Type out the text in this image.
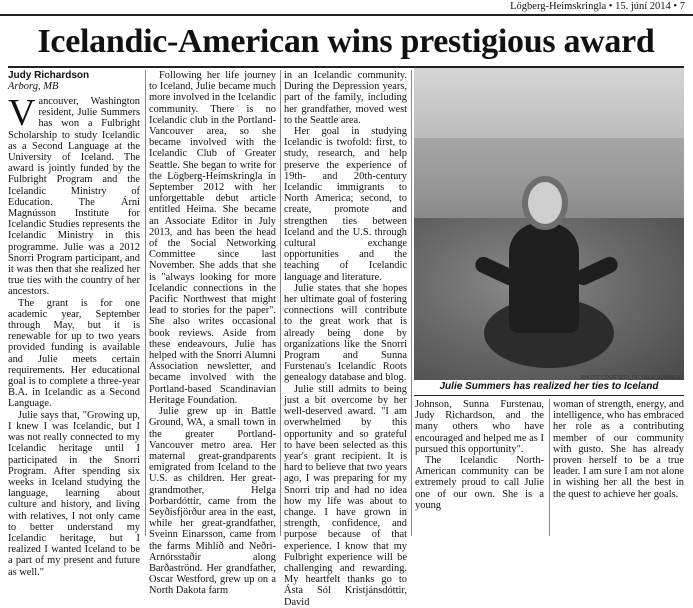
Lögberg-Heimskringla • 15. júní 2014 • 7
Icelandic-American wins prestigious award
Judy Richardson
Arborg, MB

Vancouver, Washington resident, Julie Summers has won a Fulbright Scholarship to study Icelandic as a Second Language at the University of Iceland. The award is jointly funded by the Fulbright Program and the Icelandic Ministry of Education. The Árni Magnússon Institute for Icelandic Studies represents the Icelandic Ministry in this programme. Julie was a 2012 Snorri Program participant, and it was then that she realized her true ties with the country of her ancestors.

The grant is for one academic year, September through May, but it is renewable for up to two years provided funding is available and Julie meets certain requirements. Her educational goal is to complete a three-year B.A. in Icelandic as a Second Language.

Julie says that, "Growing up, I knew I was Icelandic, but I was not really connected to my Icelandic heritage until I participated in the Snorri Program. After spending six weeks in Iceland studying the language, learning about culture and history, and living with relatives, I not only came to better understand my Icelandic heritage, but I realized I wanted Iceland to be a part of my present and future as well."

Following her life journey to Iceland, Julie became much more involved in the Icelandic community. There is no Icelandic club in the Portland-Vancouver area, so she became involved with the Icelandic Club of Greater Seattle. She began to write for the Lögberg-Heimskringla in September 2012 with her unforgettable debut article entitled Heima. She became an Associate Editor in July 2013, and has been the head of the Social Networking Committee since last November. She adds that she is "always looking for more Icelandic connections in the Pacific Northwest that might lead to stories for the paper". She also writes occasional book reviews. Aside from these endeavours, Julie has helped with the Snorri Alumni Association newsletter, and became involved with the Portland-based Scandinavian Heritage Foundation.

Julie grew up in Battle Ground, WA, a small town in the greater Portland-Vancouver metro area. Her maternal great-grandparents emigrated from Iceland to the U.S. as children. Her great-grandmother, Helga Þorbardóttir, came from the Seyðisfjörður area in the east, while her great-grandfather, Sveinn Einarsson, came from the farms Mihlíð and Neðri-Arnórsstaðir along Barðaströnd. Her grandfather, Oscar Westford, grew up on a North Dakota farm

in an Icelandic community. During the Depression years, part of the family, including her grandfather, moved west to the Seattle area.

Her goal in studying Icelandic is twofold: first, to study, research, and help preserve the experience of 19th- and 20th-century Icelandic immigrants to North America; second, to create, promote and strengthen ties between Iceland and the U.S. through cultural exchange opportunities and the teaching of Icelandic language and literature.

Julie states that she hopes her ultimate goal of fostering connections will contribute to the great work that is already being done by organizations like the Snorri Program and Sunna Furstenau's Icelandic Roots genealogy database and blog.

Julie still admits to being just a bit overcome by her well-deserved award. "I am overwhelmed by this opportunity and so grateful to have been selected as this year's grant recipient. It is hard to believe that two years ago, I was preparing for my Snorri trip and had no idea how my life was about to change. I have grown in strength, confidence, and purpose because of that experience. I know that my Fulbright experience will be challenging and rewarding. My heartfelt thanks go to Ásta Sól Kristjánsdóttir, David

PHOTO COURTESY OF JULIE SUMMERS
Julie Summers has realized her ties to Iceland

Johnson, Sunna Furstenau, Judy Richardson, and the many others who have encouraged and helped me as I pursued this opportunity".

The Icelandic North-American community can be extremely proud to call Julie one of our own. She is a young

woman of strength, energy, and intelligence, who has embraced her role as a contributing member of our community with gusto. She has already proven herself to be a true leader. I am sure I am not alone in wishing her all the best in the quest to achieve her goals.
